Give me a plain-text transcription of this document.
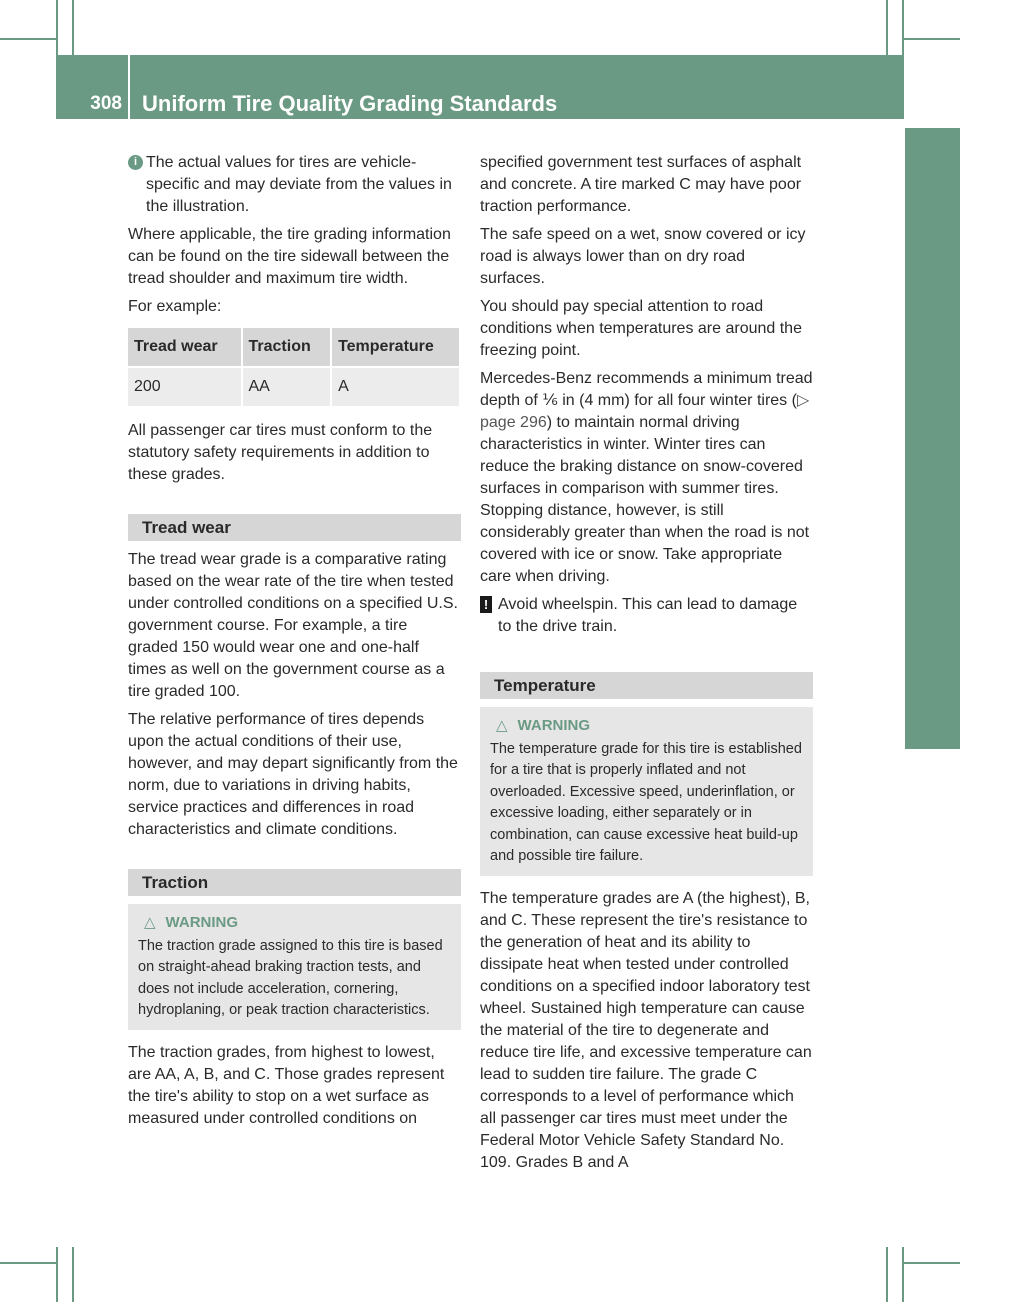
308 Uniform Tire Quality Grading Standards
Wheels and tires

i The actual values for tires are vehicle-specific and may deviate from the values in the illustration.

Where applicable, the tire grading information can be found on the tire sidewall between the tread shoulder and maximum tire width.

For example:

Tread wear	Traction	Temperature
200	AA	A

All passenger car tires must conform to the statutory safety requirements in addition to these grades.

Tread wear

The tread wear grade is a comparative rating based on the wear rate of the tire when tested under controlled conditions on a specified U.S. government course. For example, a tire graded 150 would wear one and one-half times as well on the government course as a tire graded 100.

The relative performance of tires depends upon the actual conditions of their use, however, and may depart significantly from the norm, due to variations in driving habits, service practices and differences in road characteristics and climate conditions.

Traction
△ WARNING
The traction grade assigned to this tire is based on straight-ahead braking traction tests, and does not include acceleration, cornering, hydroplaning, or peak traction characteristics.

The traction grades, from highest to lowest, are AA, A, B, and C. Those grades represent the tire's ability to stop on a wet surface as measured under controlled conditions on

specified government test surfaces of asphalt and concrete. A tire marked C may have poor traction performance.

The safe speed on a wet, snow covered or icy road is always lower than on dry road surfaces.

You should pay special attention to road conditions when temperatures are around the freezing point.

Mercedes-Benz recommends a minimum tread depth of ⅙ in (4 mm) for all four winter tires (▷ page 296) to maintain normal driving characteristics in winter. Winter tires can reduce the braking distance on snow-covered surfaces in comparison with summer tires. Stopping distance, however, is still considerably greater than when the road is not covered with ice or snow. Take appropriate care when driving.

! Avoid wheelspin. This can lead to damage to the drive train.

Temperature
△ WARNING
The temperature grade for this tire is established for a tire that is properly inflated and not overloaded. Excessive speed, underinflation, or excessive loading, either separately or in combination, can cause excessive heat build-up and possible tire failure.

The temperature grades are A (the highest), B, and C. These represent the tire's resistance to the generation of heat and its ability to dissipate heat when tested under controlled conditions on a specified indoor laboratory test wheel. Sustained high temperature can cause the material of the tire to degenerate and reduce tire life, and excessive temperature can lead to sudden tire failure. The grade C corresponds to a level of performance which all passenger car tires must meet under the Federal Motor Vehicle Safety Standard No. 109. Grades B and A
